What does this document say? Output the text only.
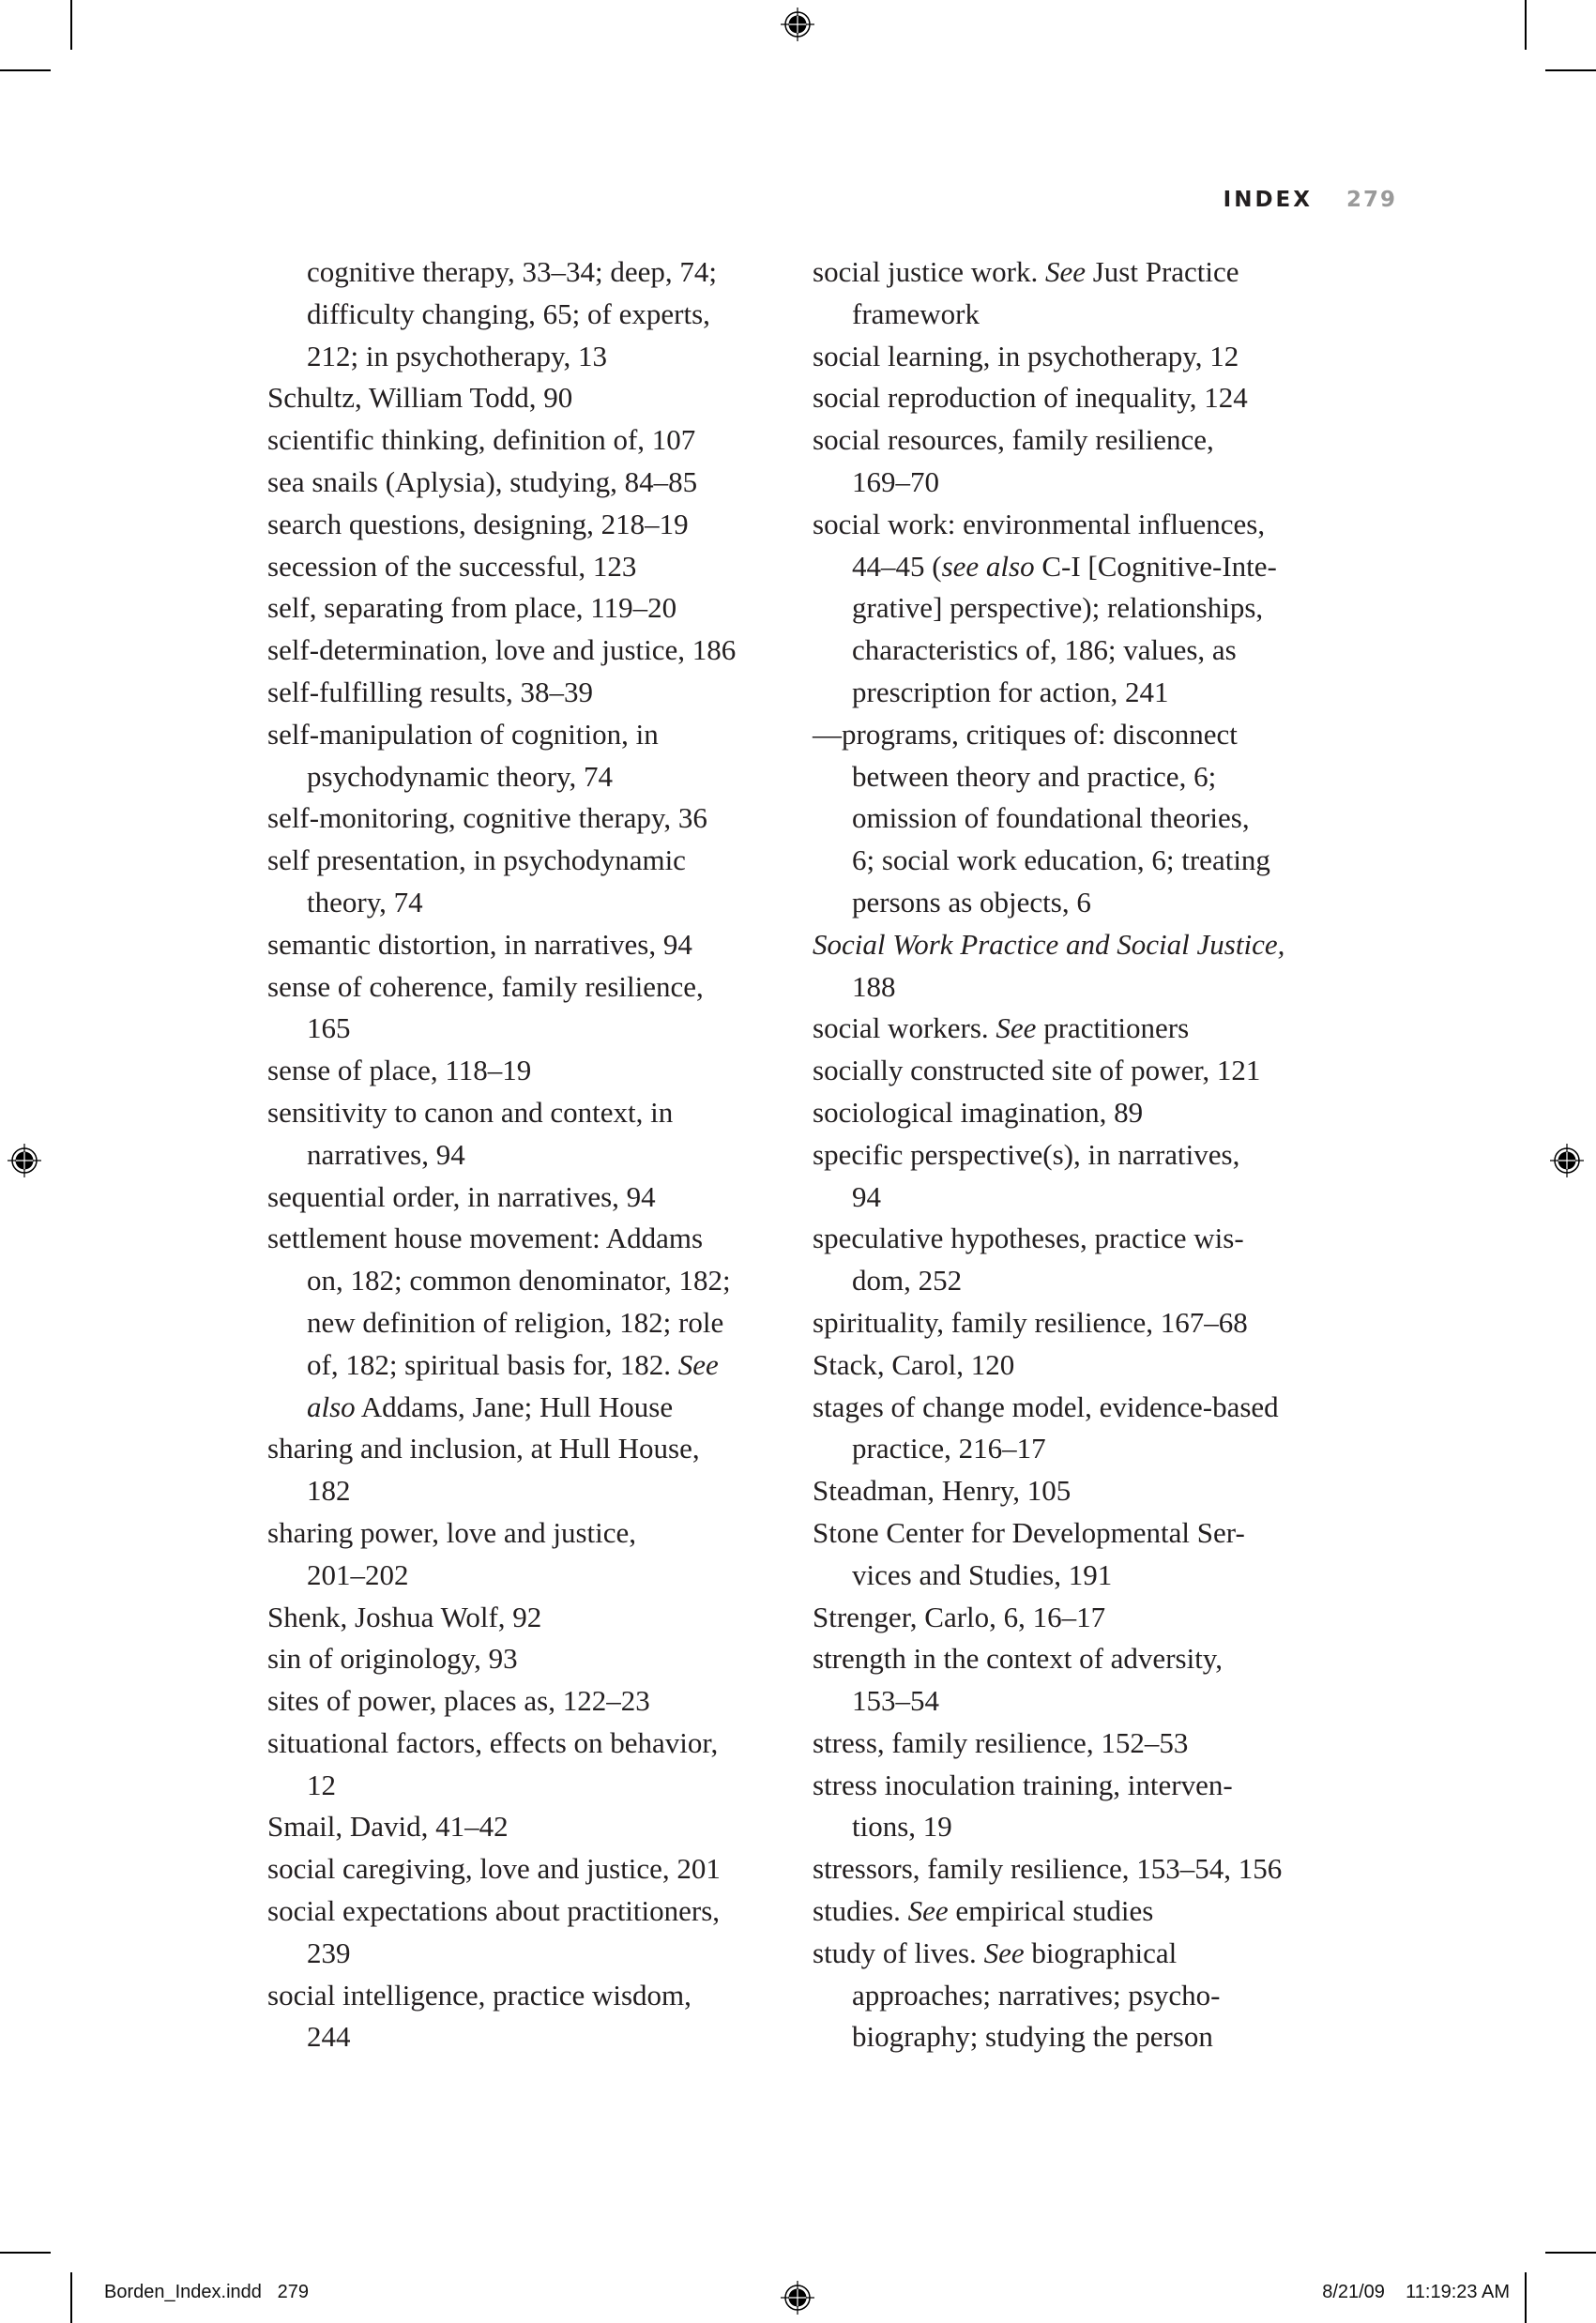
INDEX 279

cognitive therapy, 33–34; deep, 74;
difficulty changing, 65; of experts,
212; in psychotherapy, 13

Schultz, William Todd, 90

scientific thinking, definition of, 107

sea snails (Aplysia), studying, 84–85

search questions, designing, 218–19

secession of the successful, 123

self, separating from place, 119–20

self-determination, love and justice, 186

self-fulfilling results, 38–39

self-manipulation of cognition, in
psychodynamic theory, 74

self-monitoring, cognitive therapy, 36

self presentation, in psychodynamic
theory, 74

semantic distortion, in narratives, 94

sense of coherence, family resilience,
165

sense of place, 118–19

sensitivity to canon and context, in
narratives, 94

sequential order, in narratives, 94

settlement house movement: Addams
on, 182; common denominator, 182;
new definition of religion, 182; role
of, 182; spiritual basis for, 182. See
also Addams, Jane; Hull House

sharing and inclusion, at Hull House,
182

sharing power, love and justice,
201–202

Shenk, Joshua Wolf, 92

sin of originology, 93

sites of power, places as, 122–23

situational factors, effects on behavior,
12

Smail, David, 41–42

social caregiving, love and justice, 201

social expectations about practitioners,
239

social intelligence, practice wisdom,
244

social justice work. See Just Practice
framework

social learning, in psychotherapy, 12

social reproduction of inequality, 124

social resources, family resilience,
169–70

social work: environmental influences,
44–45 (see also C-I [Cognitive-Inte-
grative] perspective); relationships,
characteristics of, 186; values, as
prescription for action, 241

—programs, critiques of: disconnect
between theory and practice, 6;
omission of foundational theories,
6; social work education, 6; treating
persons as objects, 6

Social Work Practice and Social Justice,
188

social workers. See practitioners

socially constructed site of power, 121

sociological imagination, 89

specific perspective(s), in narratives,
94

speculative hypotheses, practice wis-
dom, 252

spirituality, family resilience, 167–68

Stack, Carol, 120

stages of change model, evidence-based
practice, 216–17

Steadman, Henry, 105

Stone Center for Developmental Ser-
vices and Studies, 191

Strenger, Carlo, 6, 16–17

strength in the context of adversity,
153–54

stress, family resilience, 152–53

stress inoculation training, interven-
tions, 19

stressors, family resilience, 153–54, 156

studies. See empirical studies

study of lives. See biographical
approaches; narratives; psycho-
biography; studying the person

Borden_Index.indd 279	8/21/09 11:19:23 AM
